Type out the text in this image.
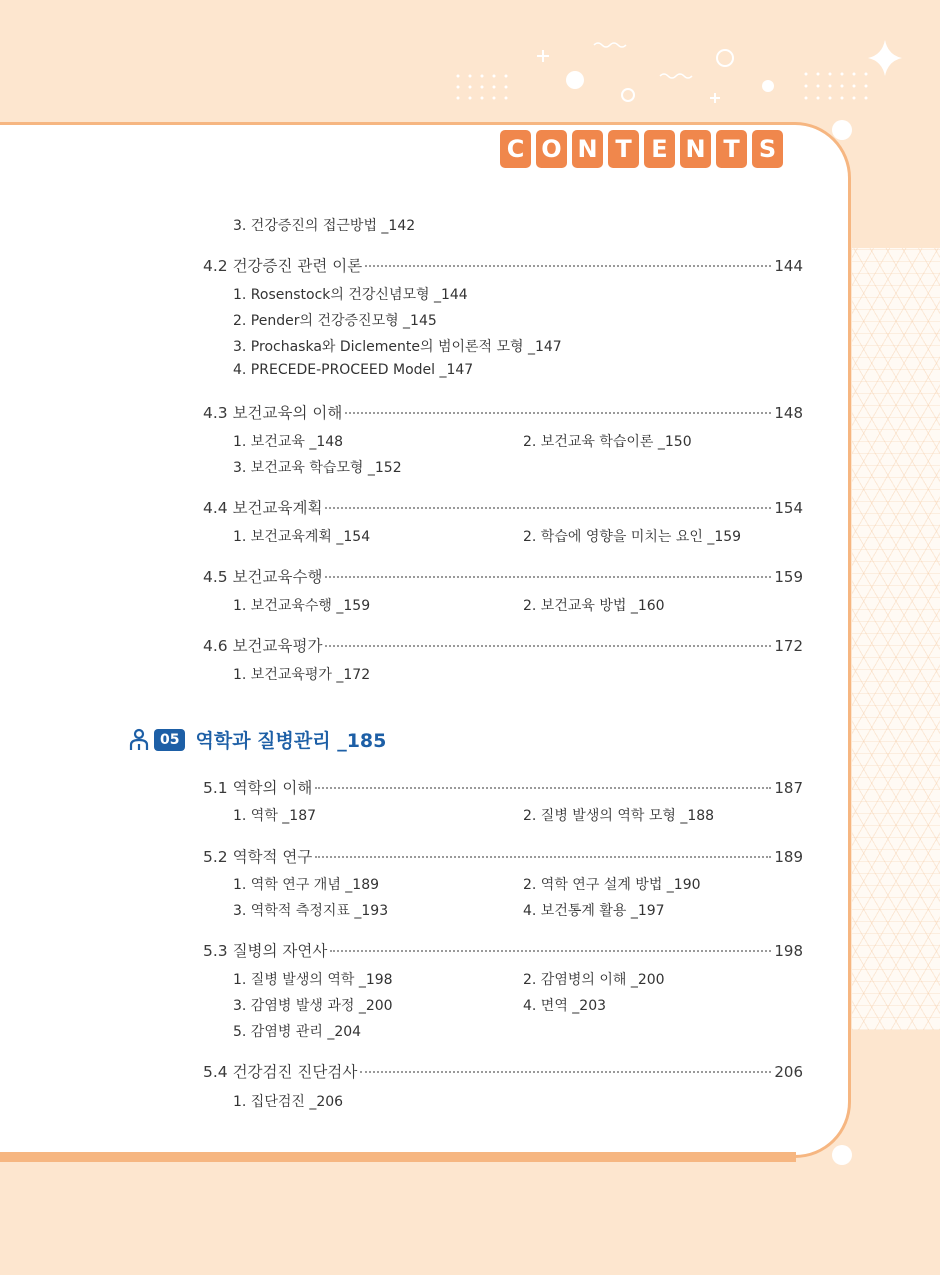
C O N T E N T S
3. 건강증진의 접근방법 _142
4.2 건강증진 관련 이론	144
1. Rosenstock의 건강신념모형 _144
2. Pender의 건강증진모형 _145
3. Prochaska와 Diclemente의 범이론적 모형 _147
4. PRECEDE-PROCEED Model _147
4.3 보건교육의 이해	148
1. 보건교육 _148	2. 보건교육 학습이론 _150
3. 보건교육 학습모형 _152
4.4 보건교육계획	154
1. 보건교육계획 _154	2. 학습에 영향을 미치는 요인 _159
4.5 보건교육수행	159
1. 보건교육수행 _159	2. 보건교육 방법 _160
4.6 보건교육평가	172
1. 보건교육평가 _172
05 역학과 질병관리 _185
5.1 역학의 이해	187
1. 역학 _187	2. 질병 발생의 역학 모형 _188
5.2 역학적 연구	189
1. 역학 연구 개념 _189	2. 역학 연구 설계 방법 _190
3. 역학적 측정지표 _193	4. 보건통계 활용 _197
5.3 질병의 자연사	198
1. 질병 발생의 역학 _198	2. 감염병의 이해 _200
3. 감염병 발생 과정 _200	4. 면역 _203
5. 감염병 관리 _204
5.4 건강검진 진단검사	206
1. 집단검진 _206
